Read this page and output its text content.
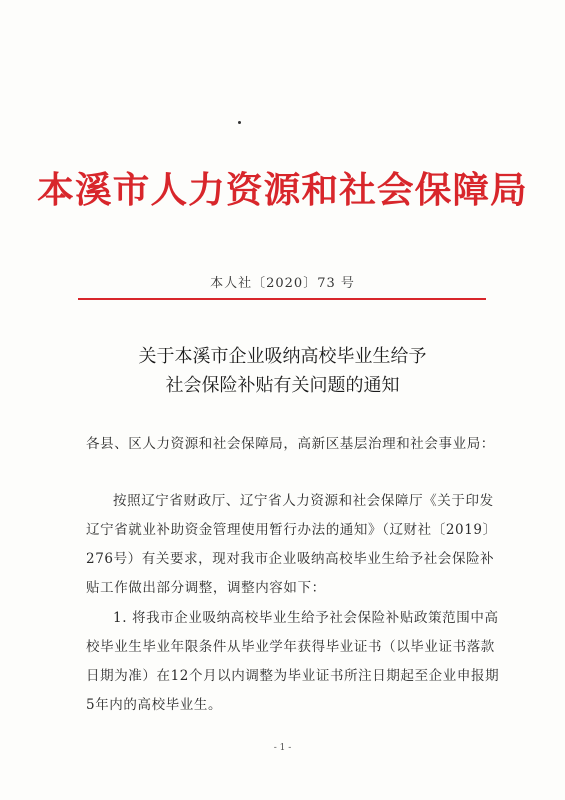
本溪市人力资源和社会保障局
本人社〔2020〕73 号
关于本溪市企业吸纳高校毕业生给予
社会保险补贴有关问题的通知
各县、区人力资源和社会保障局，高新区基层治理和社会事业局：
按照辽宁省财政厅、辽宁省人力资源和社会保障厅《关于印发辽宁省就业补助资金管理使用暂行办法的通知》（辽财社〔2019〕276号）有关要求，现对我市企业吸纳高校毕业生给予社会保险补贴工作做出部分调整，调整内容如下：
1. 将我市企业吸纳高校毕业生给予社会保险补贴政策范围中高校毕业生毕业年限条件从毕业学年获得毕业证书（以毕业证书落款日期为准）在12个月以内调整为毕业证书所注日期起至企业申报期5年内的高校毕业生。
- 1 -
